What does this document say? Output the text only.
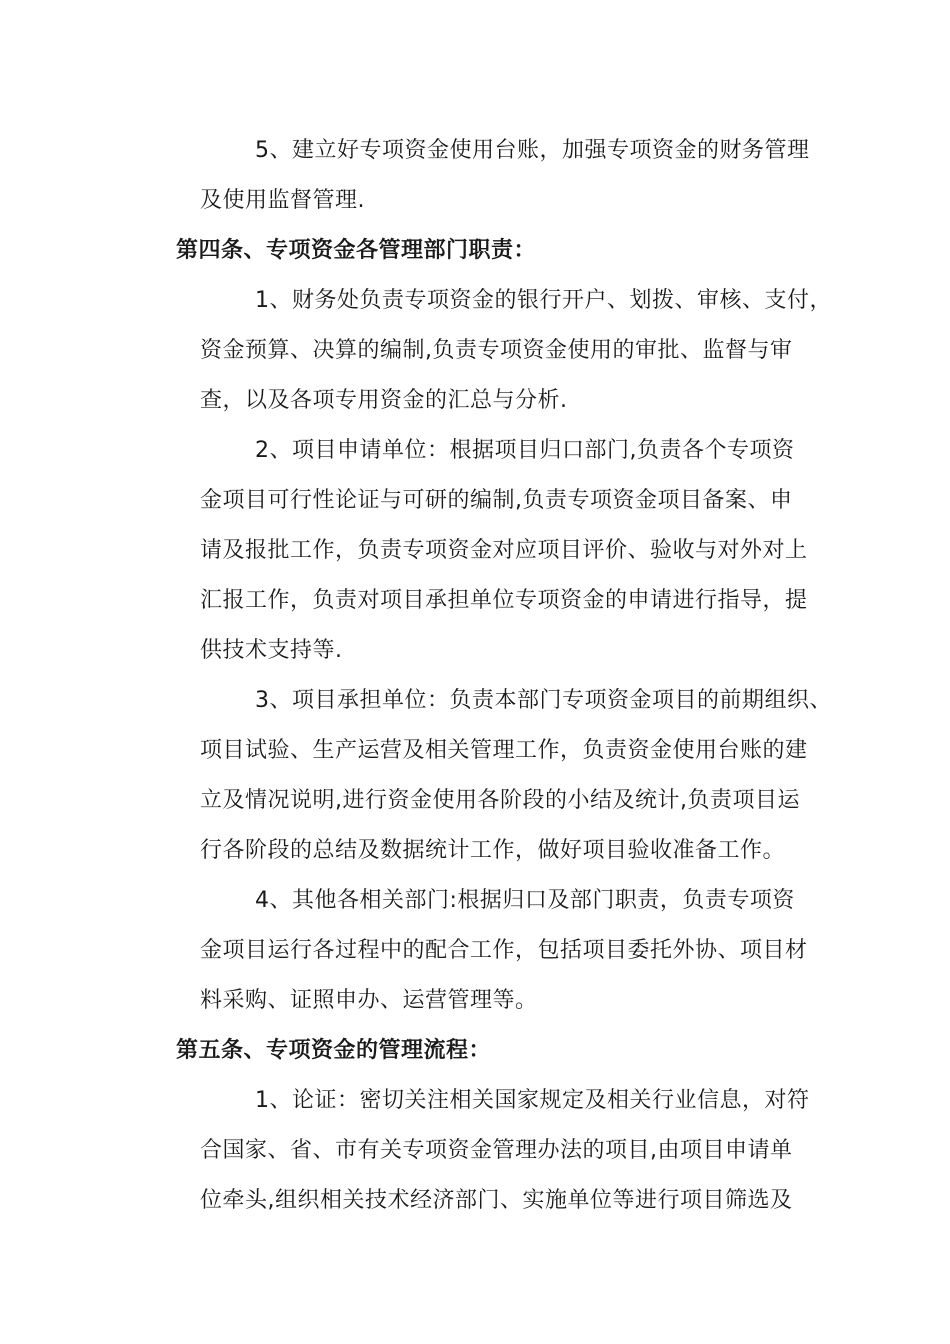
5、建立好专项资金使用台账，加强专项资金的财务管理
及使用监督管理.
第四条、专项资金各管理部门职责：
1、财务处负责专项资金的银行开户、划拨、审核、支付，
资金预算、决算的编制,负责专项资金使用的审批、监督与审
查，以及各项专用资金的汇总与分析.
2、项目申请单位：根据项目归口部门,负责各个专项资
金项目可行性论证与可研的编制,负责专项资金项目备案、申
请及报批工作，负责专项资金对应项目评价、验收与对外对上
汇报工作，负责对项目承担单位专项资金的申请进行指导，提
供技术支持等.
3、项目承担单位：负责本部门专项资金项目的前期组织、
项目试验、生产运营及相关管理工作，负责资金使用台账的建
立及情况说明,进行资金使用各阶段的小结及统计,负责项目运
行各阶段的总结及数据统计工作，做好项目验收准备工作。
4、其他各相关部门:根据归口及部门职责，负责专项资
金项目运行各过程中的配合工作，包括项目委托外协、项目材
料采购、证照申办、运营管理等。
第五条、专项资金的管理流程：
1、论证：密切关注相关国家规定及相关行业信息，对符
合国家、省、市有关专项资金管理办法的项目,由项目申请单
位牵头,组织相关技术经济部门、实施单位等进行项目筛选及
